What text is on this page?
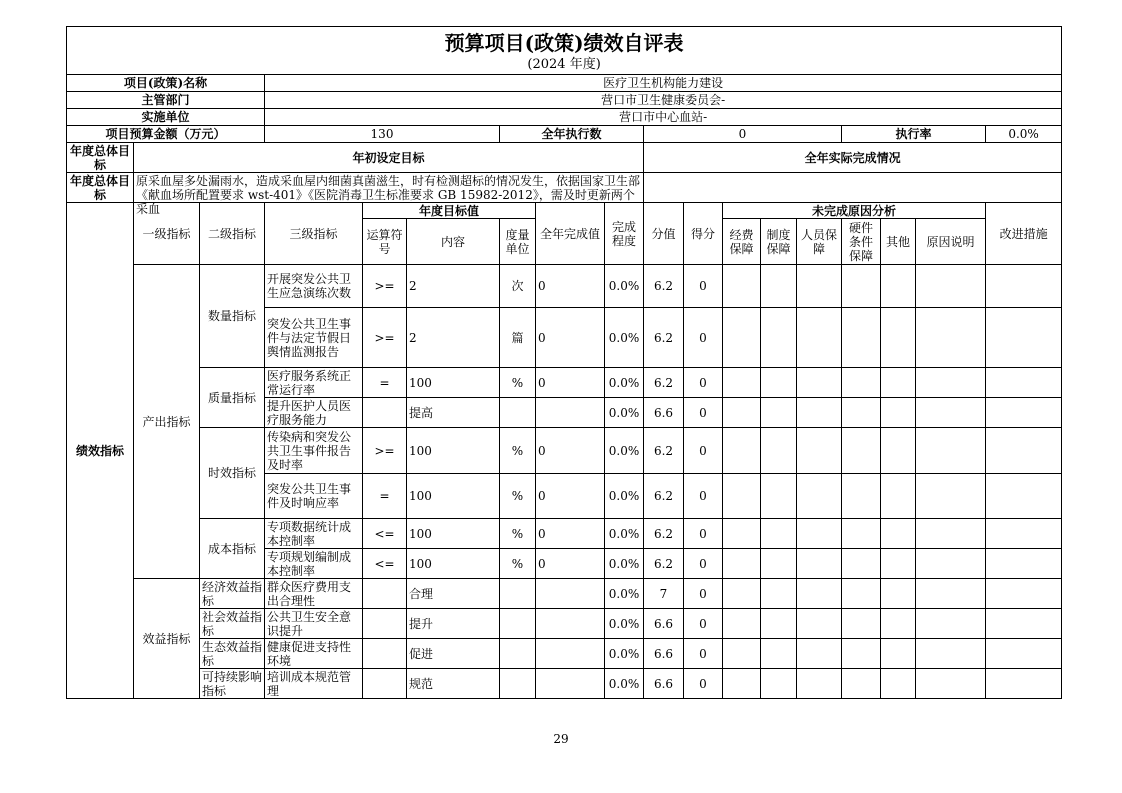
预算项目(政策)绩效自评表																	
(2024 年度)																	
项目(政策)名称			医疗卫生机构能力建设														
主管部门			营口市卫生健康委员会-														
实施单位			营口市中心血站-														
项目预算金额（万元）			130			全年执行数			0					执行率			0.0%

年度总体目标	年初设定目标								全年实际完成情况								

年度总体目标	原采血屋多处漏雨水，造成采血屋内细菌真菌滋生，时有检测超标的情况发生，依据国家卫生部《献血场所配置要求 wst-401》《医院消毒卫生标准要求 GB 15982-2012》，需及时更新两个采血																

绩效指标	一级指标	二级指标	三级指标	年度目标值			全年完成值	完成程度	分值	得分	未完成原因分析						改进措施
				运算符号	内容	度量单位					经费保障	制度保障	人员保障	硬件条件保障	其他	原因说明	

	产出指标	数量指标	开展突发公共卫生应急演练次数	>=	2	次	0	0.0%	6.2	0							
			突发公共卫生事件与法定节假日舆情监测报告	>=	2	篇	0	0.0%	6.2	0							
		质量指标	医疗服务系统正常运行率	=	100	%	0	0.0%	6.2	0							

			提升医护人员医疗服务能力		提高			0.0%	6.6	0							
		时效指标	传染病和突发公共卫生事件报告及时率	>=	100	%	0	0.0%	6.2	0							
			突发公共卫生事件及时响应率	=	100	%	0	0.0%	6.2	0							
		成本指标	专项数据统计成本控制率	<=	100	%	0	0.0%	6.2	0							

			专项规划编制成本控制率	<=	100	%	0	0.0%	6.2	0							
	效益指标	经济效益指标	群众医疗费用支出合理性		合理			0.0%	7	0							

		社会效益指标	公共卫生安全意识提升		提升			0.0%	6.6	0							

		生态效益指标	健康促进支持性环境		促进			0.0%	6.6	0							

		可持续影响指标	培训成本规范管理		规范			0.0%	6.6	0							
29
